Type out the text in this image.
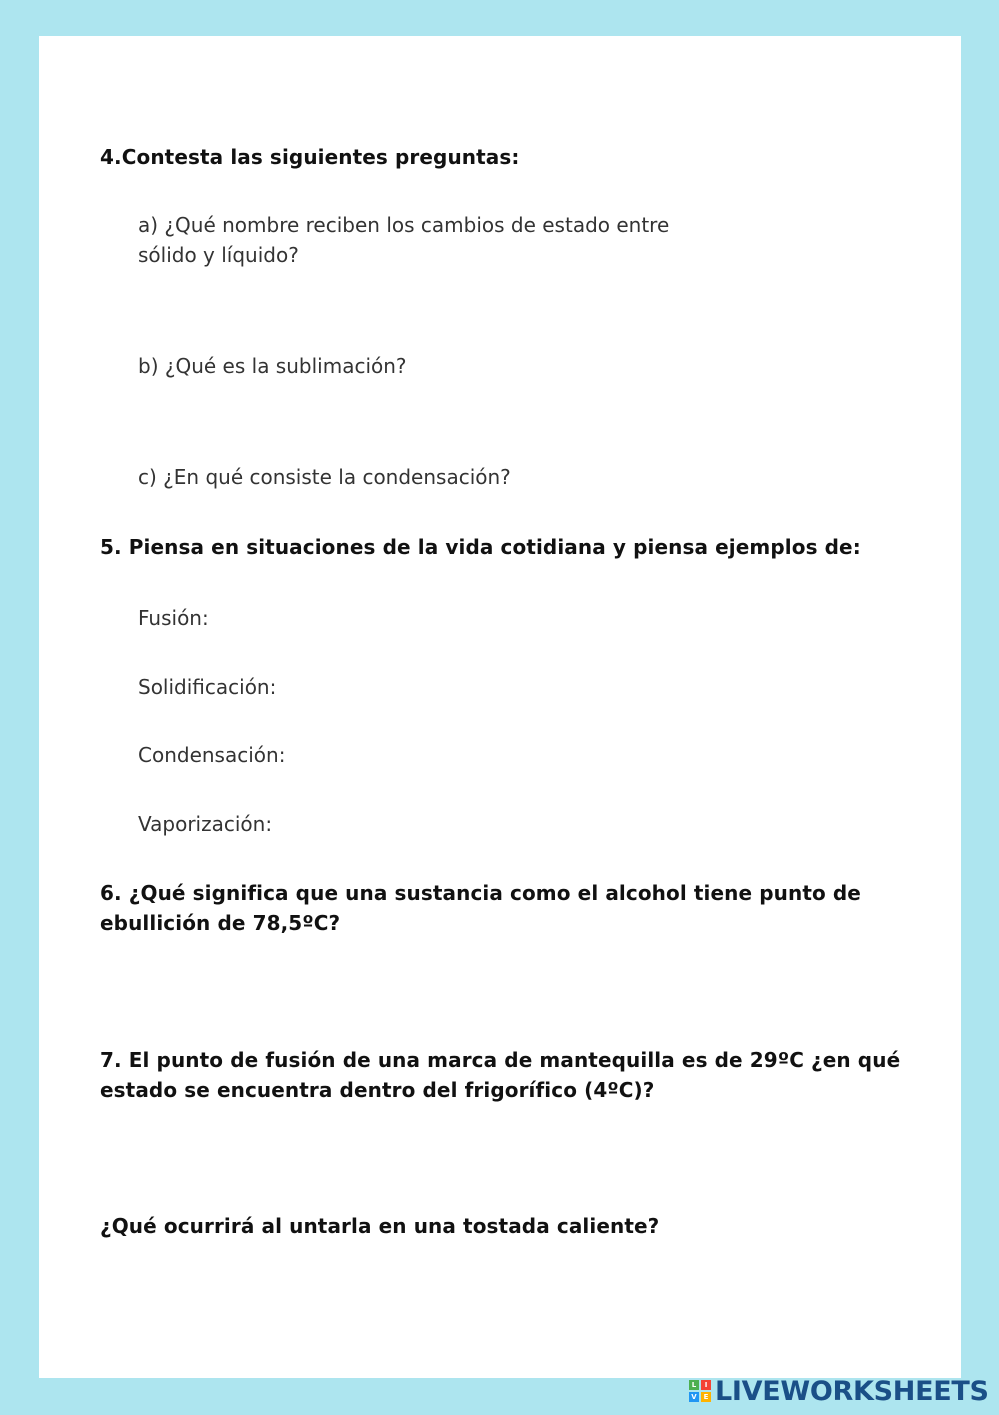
4.Contesta las siguientes preguntas:

a) ¿Qué nombre reciben los cambios de estado entre sólido y líquido?

b) ¿Qué es la sublimación?

c) ¿En qué consiste la condensación?

5. Piensa en situaciones de la vida cotidiana y piensa ejemplos de:

Fusión:

Solidificación:

Condensación:

Vaporización:

6. ¿Qué significa que una sustancia como el alcohol tiene punto de ebullición de 78,5ºC?

7. El punto de fusión de una marca de mantequilla es de 29ºC ¿en qué estado se encuentra dentro del frigorífico (4ºC)?

¿Qué ocurrirá al untarla en una tostada caliente?

L	I
V E LIVEWORKSHEETS
